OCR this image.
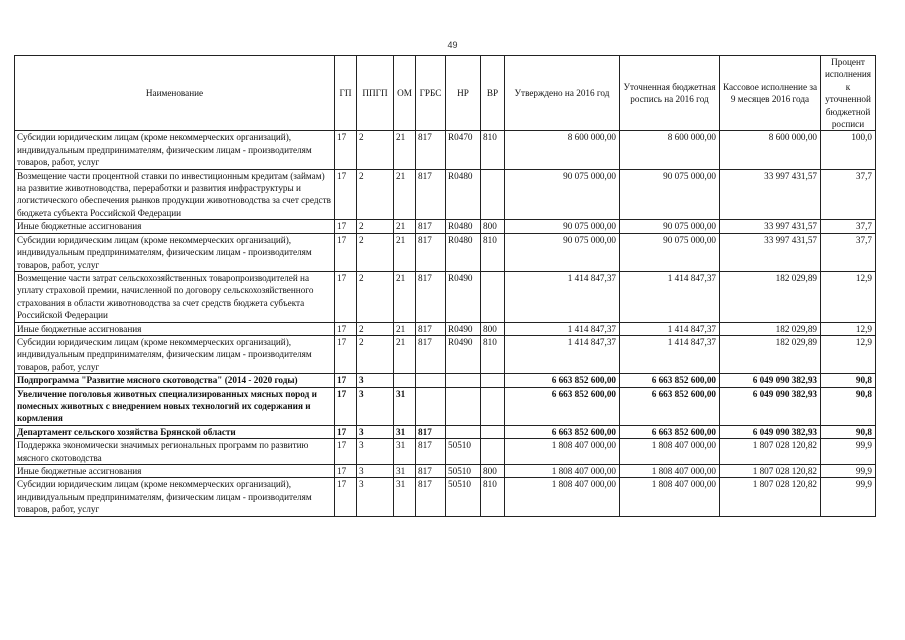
49
Наименование	ГП	ППГП	ОМ	ГРБС	НР	ВР	Утверждено на 2016 год	Уточненная бюджетная роспись на 2016 год	Кассовое исполнение за 9 месяцев 2016 года	Процент исполнения к уточненной бюджетной росписи
Субсидии юридическим лицам (кроме некоммерческих организаций), индивидуальным предпринимателям, физическим лицам - производителям товаров, работ, услуг	17	2	21	817	R0470	810	8 600 000,00	8 600 000,00	8 600 000,00	100,0
Возмещение части процентной ставки по инвестиционным кредитам (займам) на развитие животноводства, переработки и развития инфраструктуры и логистического обеспечения рынков продукции животноводства за счет средств бюджета субъекта Российской Федерации	17	2	21	817	R0480		90 075 000,00	90 075 000,00	33 997 431,57	37,7
Иные бюджетные ассигнования	17	2	21	817	R0480	800	90 075 000,00	90 075 000,00	33 997 431,57	37,7
Субсидии юридическим лицам (кроме некоммерческих организаций), индивидуальным предпринимателям, физическим лицам - производителям товаров, работ, услуг	17	2	21	817	R0480	810	90 075 000,00	90 075 000,00	33 997 431,57	37,7
Возмещение части затрат сельскохозяйственных товаропроизводителей на уплату страховой премии, начисленной по договору сельскохозяйственного страхования в области животноводства за счет средств бюджета субъекта Российской Федерации	17	2	21	817	R0490		1 414 847,37	1 414 847,37	182 029,89	12,9
Иные бюджетные ассигнования	17	2	21	817	R0490	800	1 414 847,37	1 414 847,37	182 029,89	12,9
Субсидии юридическим лицам (кроме некоммерческих организаций), индивидуальным предпринимателям, физическим лицам - производителям товаров, работ, услуг	17	2	21	817	R0490	810	1 414 847,37	1 414 847,37	182 029,89	12,9
Подпрограмма "Развитие мясного скотоводства" (2014 - 2020 годы)	17	3					6 663 852 600,00	6 663 852 600,00	6 049 090 382,93	90,8
Увеличение поголовья животных специализированных мясных пород и помесных животных с внедрением новых технологий их содержания и кормления	17	3	31				6 663 852 600,00	6 663 852 600,00	6 049 090 382,93	90,8
Департамент сельского хозяйства Брянской области	17	3	31	817			6 663 852 600,00	6 663 852 600,00	6 049 090 382,93	90,8
Поддержка экономически значимых региональных программ по развитию мясного скотоводства	17	3	31	817	50510		1 808 407 000,00	1 808 407 000,00	1 807 028 120,82	99,9
Иные бюджетные ассигнования	17	3	31	817	50510	800	1 808 407 000,00	1 808 407 000,00	1 807 028 120,82	99,9
Субсидии юридическим лицам (кроме некоммерческих организаций), индивидуальным предпринимателям, физическим лицам - производителям товаров, работ, услуг	17	3	31	817	50510	810	1 808 407 000,00	1 808 407 000,00	1 807 028 120,82	99,9
